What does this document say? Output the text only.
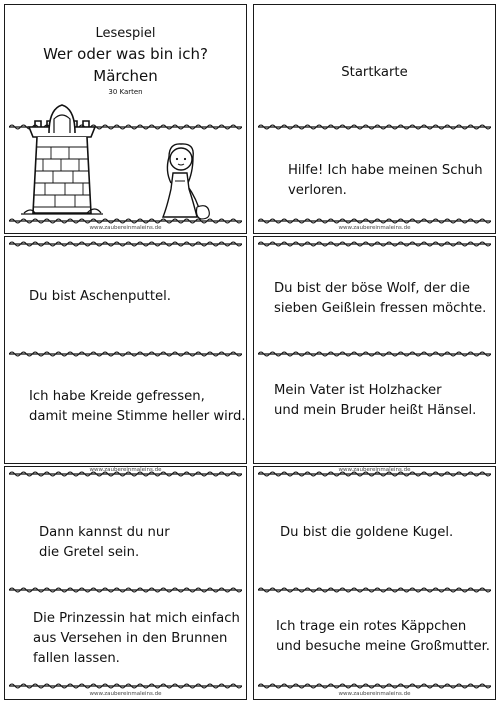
Lesespiel
Wer oder was bin ich?
Märchen
30 Karten
www.zaubereinmaleins.de
Startkarte
Hilfe! Ich habe meinen Schuh
verloren.
www.zaubereinmaleins.de
Du bist Aschenputtel.
Ich habe Kreide gefressen,
damit meine Stimme heller wird.
Du bist der böse Wolf, der die
sieben Geißlein fressen möchte.
Mein Vater ist Holzhacker
und mein Bruder heißt Hänsel.
www.zaubereinmaleins.de
Dann kannst du nur
die Gretel sein.
Die Prinzessin hat mich einfach
aus Versehen in den Brunnen
fallen lassen.
www.zaubereinmaleins.de
www.zaubereinmaleins.de
Du bist die goldene Kugel.
Ich trage ein rotes Käppchen
und besuche meine Großmutter.
www.zaubereinmaleins.de
